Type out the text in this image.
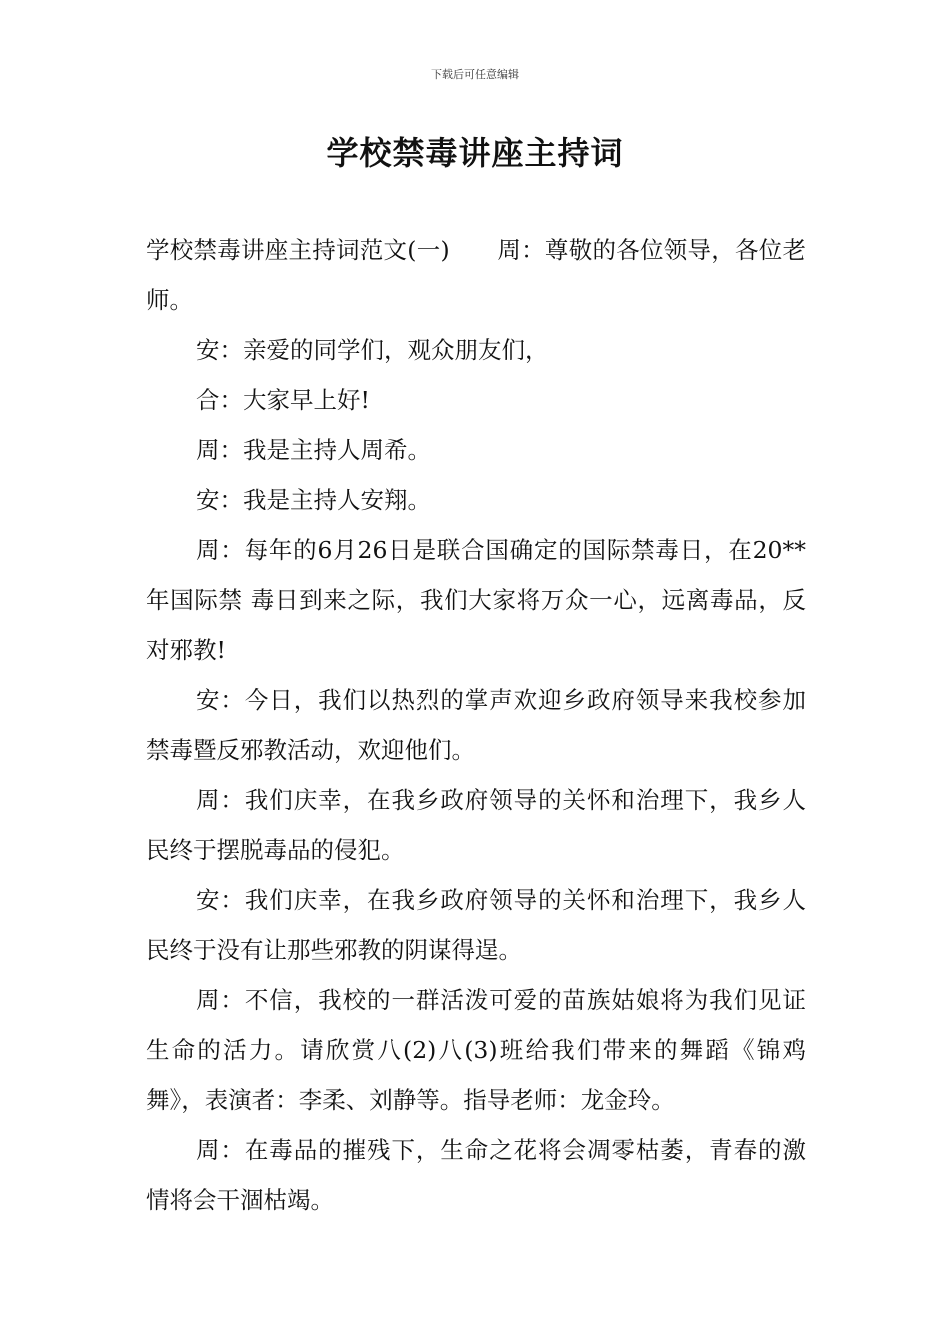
下载后可任意编辑
学校禁毒讲座主持词

学校禁毒讲座主持词范文(一)　　周：尊敬的各位领导，各位老师。

安：亲爱的同学们，观众朋友们，

合：大家早上好!

周：我是主持人周希。

安：我是主持人安翔。

周：每年的6月26日是联合国确定的国际禁毒日，在20**年国际禁 毒日到来之际，我们大家将万众一心，远离毒品，反对邪教!

安：今日，我们以热烈的掌声欢迎乡政府领导来我校参加禁毒暨反邪教活动，欢迎他们。

周：我们庆幸，在我乡政府领导的关怀和治理下，我乡人民终于摆脱毒品的侵犯。

安：我们庆幸，在我乡政府领导的关怀和治理下，我乡人民终于没有让那些邪教的阴谋得逞。

周：不信，我校的一群活泼可爱的苗族姑娘将为我们见证生命的活力。请欣赏八(2)八(3)班给我们带来的舞蹈《锦鸡舞》，表演者：李柔、刘静等。指导老师：龙金玲。

周：在毒品的摧残下，生命之花将会凋零枯萎，青春的激情将会干涸枯竭。
